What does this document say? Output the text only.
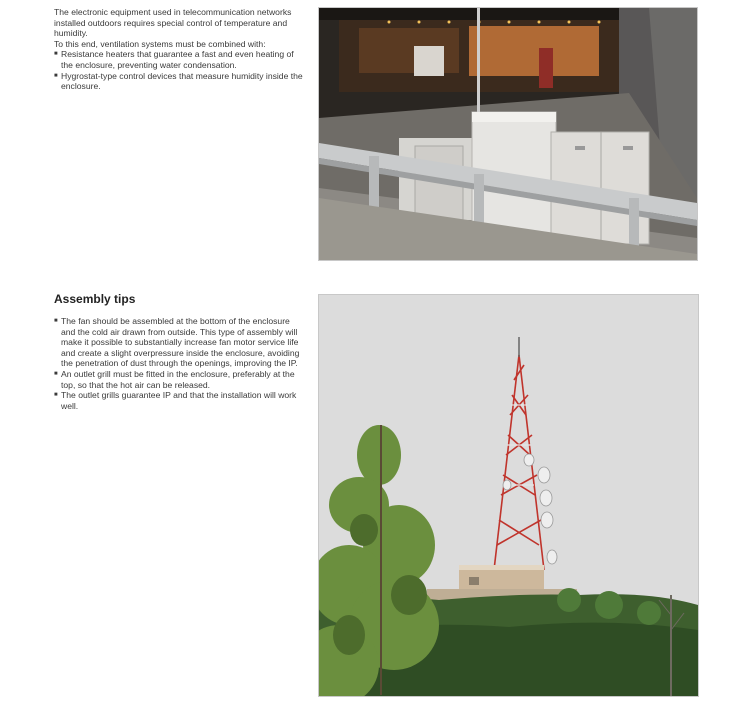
The electronic equipment used in telecommunication networks installed outdoors requires special control of temperature and humidity.

To this end, ventilation systems must be combined with:

■ Resistance heaters that guarantee a fast and even heating of the enclosure, preventing water condensation.
■ Hygrostat-type control devices that measure humidity inside the enclosure.
Assembly tips
■ The fan should be assembled at the bottom of the enclosure and the cold air drawn from outside. This type of assembly will make it possible to substantially increase fan motor service life and create a slight overpressure inside the enclosure, avoiding the penetration of dust through the openings, improving the IP.
■ An outlet grill must be fitted in the enclosure, preferably at the top, so that the hot air can be released.
■ The outlet grills guarantee IP and that the installation will work well.
